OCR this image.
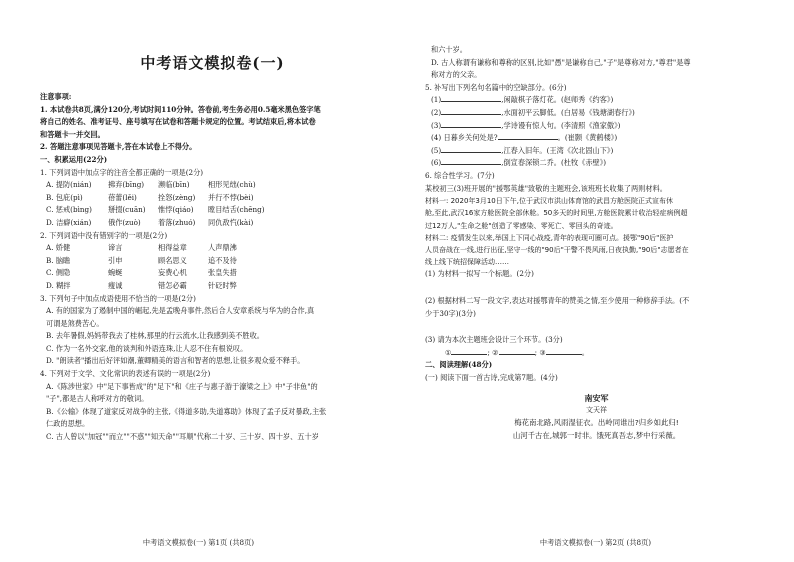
中考语文模拟卷(一)
注意事项:
1. 本试卷共8页,满分120分,考试时间110分钟。答卷前,考生务必用0.5毫米黑色签字笔
将自己的姓名、准考证号、座号填写在试卷和答题卡规定的位置。考试结束后,将本试卷
和答题卡一并交回。
2. 答题注意事项见答题卡,答在本试卷上不得分。
一、积累运用(22分)
1. 下列词语中加点字的注音全都正确的一项是(2分)
A. 提防(nián)	拂弃(bīng)	濒临(bīn)	相形见绌(chù)
B. 包庇(pì)	蓓蕾(lěi)	拴怒(zèng)	并行不悖(bèi)
C. 惩戒(bìng)	掰掇(cuān)	惟悖(qiáo)	瞠目结舌(chēng)
D. 洁癖(xián)	俄作(zuò)	着落(zhuó)	同仇敌忾(kài)
2. 下列词语中没有错别字的一项是(2分)
A. 娇健	谛言	相得益章	人声鼎沸
B. 脑瞻	引申	顾名思义	追不及待
C. 侧隐	蜿蜒	妄费心机	张皇失措
D. 糊拌	瘦诚	错怎必霸	针砭时弊
3. 下列句子中加点成语使用不恰当的一项是(2分)
A. 有的国家为了遏制中国的崛起,先是孟晚舟事件,然后合人安章系统与华为的合作,真
可谓是煞费苦心。
B. 去年暑假,妈妈带我去了桂林,那里的行云流水,让我感到美不胜收。
C. 作为一名外交家,他的谈判和外语连珠,让人忍不住有根说叹。
D. "朗读者"播出后好评如潮,董卿精美的语言和智者的思想,让很多观众爱不释手。
4. 下列对于文学、文化常识的表述有误的一项是(2分)
A.《陈涉世家》中"足下事皆成"的"足下"和《庄子与惠子游于濠梁之上》中"子非鱼"的
"子",都是古人称呼对方的敬词。
B.《公输》体现了道家反对战争的主张,《得道多助,失道寡助》体现了孟子反对暴政,主张
仁政的思想。
C. 古人曾以"加冠""而立""不惑""知天命""耳顺"代称二十岁、三十岁、四十岁、五十岁
中考语文模拟卷(一) 第1页 (共8页)
和六十岁。
D. 古人称谓有谦称和尊称的区别,比如"愚"是谦称自己,"子"是尊称对方,"尊君"是尊
称对方的父亲。
5. 补写出下列名句名篇中的空缺部分。(6分)
(1)	,闲敲棋子落灯花。(赵师秀《约客》)
(2)	,水面初平云脚低。(白居易《钱塘湖春行》)
(3)	,学诗谩有惊人句。(李清照《渔家傲》)
(4) 日暮乡关何处是?	。(崔颢《黄鹤楼》)
(5)	,江春入旧年。(王湾《次北固山下》)
(6)	,倒宣春深锁二乔。(杜牧《赤壁》)
6. 综合性学习。(7分)
某校初三(3)班开展的"援鄂英雄"致敬的主题班会,该班班长收集了两则材料。
材料一: 2020年3月10日下午,位于武汉市洪山体育馆的武昌方舱医院正式宣布休
舱,至此,武汉16家方舱医院全部休舱。50多天的时间里,方舱医院累计收治轻症病例超
过12万人,"生命之舱"创造了零感染、零死亡、零回头的奇迹。
材料二: 疫情发生以来,举国上下同心战疫,青年的表现可圈可点。援鄂"90后"医护
人员奋战在一线,进行出征,坚守一线的"90后"干警不畏风雨,日夜执勤,"90后"志愿者在
线上线下统招保障活动……
(1) 为材料一拟写一个标题。(2分)
(2) 根据材料二写一段文字,表达对援鄂青年的赞美之情,至少使用一种修辞手法。(不
少于30字)(3分)
(3) 请为本次主题班会设计三个环节。(3分)
①	; ②	; ③	。
二、阅读理解(48分)
(一) 阅读下面一首古诗,完成第7题。(4分)
南安军
文天祥
梅花南北路,风雨湿征衣。出岭同谁出?归乡如此归!
山河千古在,城郭一时非。饿死真吾志,梦中行采薇。
中考语文模拟卷(一) 第2页 (共8页)
